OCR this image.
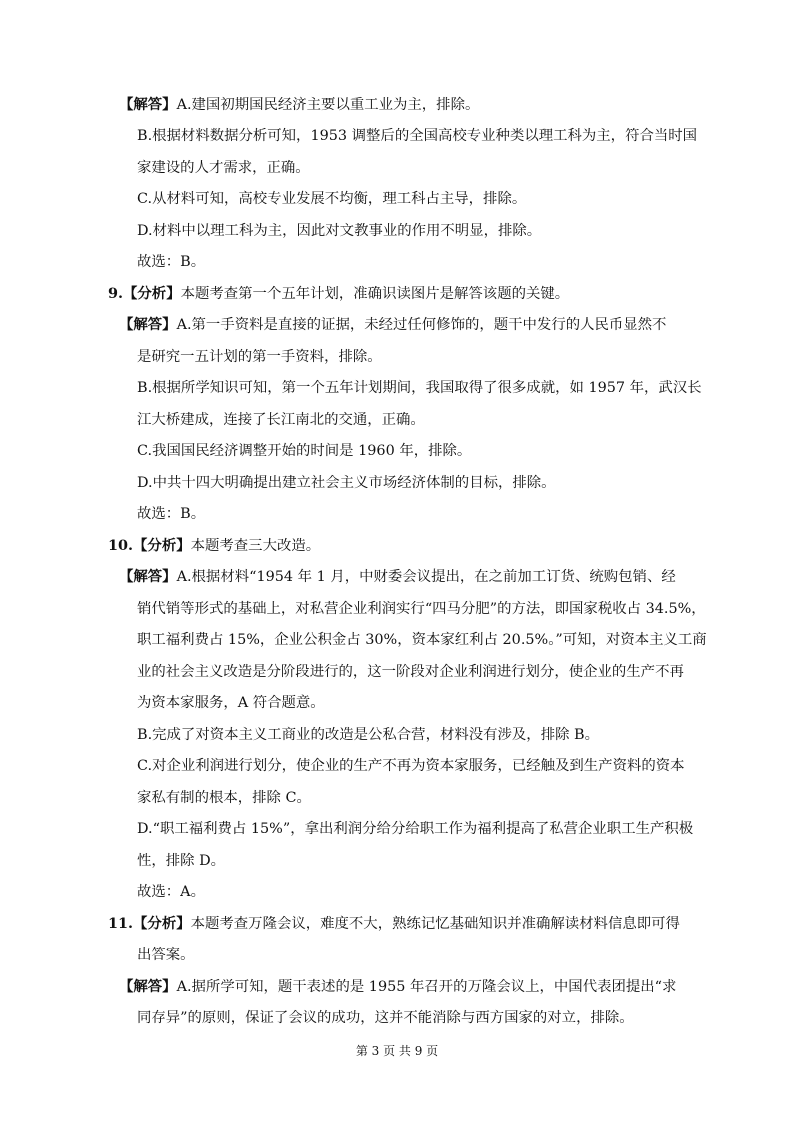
【解答】A.建国初期国民经济主要以重工业为主，排除。
B.根据材料数据分析可知，1953 调整后的全国高校专业种类以理工科为主，符合当时国
家建设的人才需求，正确。
C.从材料可知，高校专业发展不均衡，理工科占主导，排除。
D.材料中以理工科为主，因此对文教事业的作用不明显，排除。
故选：B。
9.【分析】本题考查第一个五年计划，准确识读图片是解答该题的关键。
【解答】A.第一手资料是直接的证据，未经过任何修饰的，题干中发行的人民币显然不
是研究一五计划的第一手资料，排除。
B.根据所学知识可知，第一个五年计划期间，我国取得了很多成就，如 1957 年，武汉长
江大桥建成，连接了长江南北的交通，正确。
C.我国国民经济调整开始的时间是 1960 年，排除。
D.中共十四大明确提出建立社会主义市场经济体制的目标，排除。
故选：B。
10.【分析】本题考查三大改造。
【解答】A.根据材料“1954 年 1 月，中财委会议提出，在之前加工订货、统购包销、经
销代销等形式的基础上，对私营企业利润实行“四马分肥”的方法，即国家税收占 34.5%，
职工福利费占 15%，企业公积金占 30%，资本家红利占 20.5%。”可知，对资本主义工商
业的社会主义改造是分阶段进行的，这一阶段对企业利润进行划分，使企业的生产不再
为资本家服务，A 符合题意。
B.完成了对资本主义工商业的改造是公私合营，材料没有涉及，排除 B。
C.对企业利润进行划分，使企业的生产不再为资本家服务，已经触及到生产资料的资本
家私有制的根本，排除 C。
D.“职工福利费占 15%”，拿出利润分给分给职工作为福利提高了私营企业职工生产积极
性，排除 D。
故选：A。
11.【分析】本题考查万隆会议，难度不大，熟练记忆基础知识并准确解读材料信息即可得
出答案。
【解答】A.据所学可知，题干表述的是 1955 年召开的万隆会议上，中国代表团提出“求
同存异”的原则，保证了会议的成功，这并不能消除与西方国家的对立，排除。
第 3 页 共 9 页
